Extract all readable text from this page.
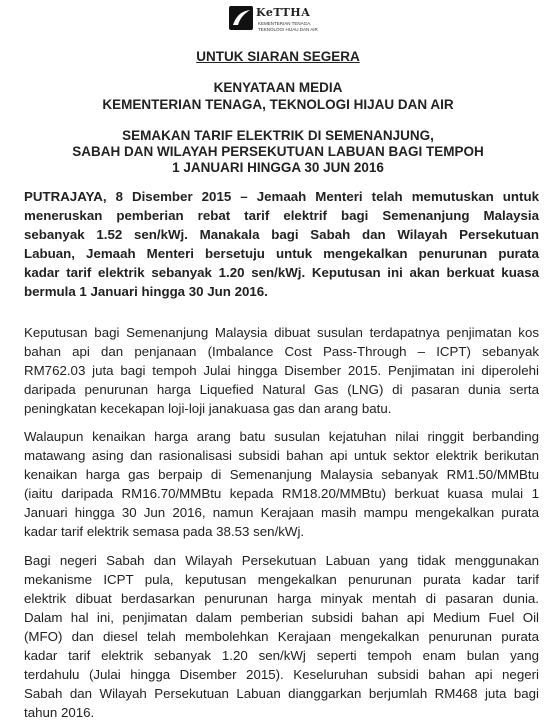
KeTTHA
KEMENTERIAN TENAGA,
TEKNOLOGI HIJAU DAN AIR
UNTUK SIARAN SEGERA
KENYATAAN MEDIA
KEMENTERIAN TENAGA, TEKNOLOGI HIJAU DAN AIR
SEMAKAN TARIF ELEKTRIK DI SEMENANJUNG,
SABAH DAN WILAYAH PERSEKUTUAN LABUAN BAGI TEMPOH
1 JANUARI HINGGA 30 JUN 2016
PUTRAJAYA, 8 Disember 2015 – Jemaah Menteri telah memutuskan untuk
meneruskan pemberian rebat tarif elektrif bagi Semenanjung Malaysia
sebanyak 1.52 sen/kWj. Manakala bagi Sabah dan Wilayah Persekutuan
Labuan, Jemaah Menteri bersetuju untuk mengekalkan penurunan purata
kadar tarif elektrik sebanyak 1.20 sen/kWj. Keputusan ini akan berkuat kuasa
bermula 1 Januari hingga 30 Jun 2016.
Keputusan bagi Semenanjung Malaysia dibuat susulan terdapatnya penjimatan kos
bahan api dan penjanaan (Imbalance Cost Pass-Through – ICPT) sebanyak
RM762.03 juta bagi tempoh Julai hingga Disember 2015. Penjimatan ini diperolehi
daripada penurunan harga Liquefied Natural Gas (LNG) di pasaran dunia serta
peningkatan kecekapan loji-loji janakuasa gas dan arang batu.
Walaupun kenaikan harga arang batu susulan kejatuhan nilai ringgit berbanding
matawang asing dan rasionalisasi subsidi bahan api untuk sektor elektrik berikutan
kenaikan harga gas berpaip di Semenanjung Malaysia sebanyak RM1.50/MMBtu
(iaitu daripada RM16.70/MMBtu kepada RM18.20/MMBtu) berkuat kuasa mulai 1
Januari hingga 30 Jun 2016, namun Kerajaan masih mampu mengekalkan purata
kadar tarif elektrik semasa pada 38.53 sen/kWj.
Bagi negeri Sabah dan Wilayah Persekutuan Labuan yang tidak menggunakan
mekanisme ICPT pula, keputusan mengekalkan penurunan purata kadar tarif
elektrik dibuat berdasarkan penurunan harga minyak mentah di pasaran dunia.
Dalam hal ini, penjimatan dalam pemberian subsidi bahan api Medium Fuel Oil
(MFO) dan diesel telah membolehkan Kerajaan mengekalkan penurunan purata
kadar tarif elektrik sebanyak 1.20 sen/kWj seperti tempoh enam bulan yang
terdahulu (Julai hingga Disember 2015). Keseluruhan subsidi bahan api negeri
Sabah dan Wilayah Persekutuan Labuan dianggarkan berjumlah RM468 juta bagi
tahun 2016.
